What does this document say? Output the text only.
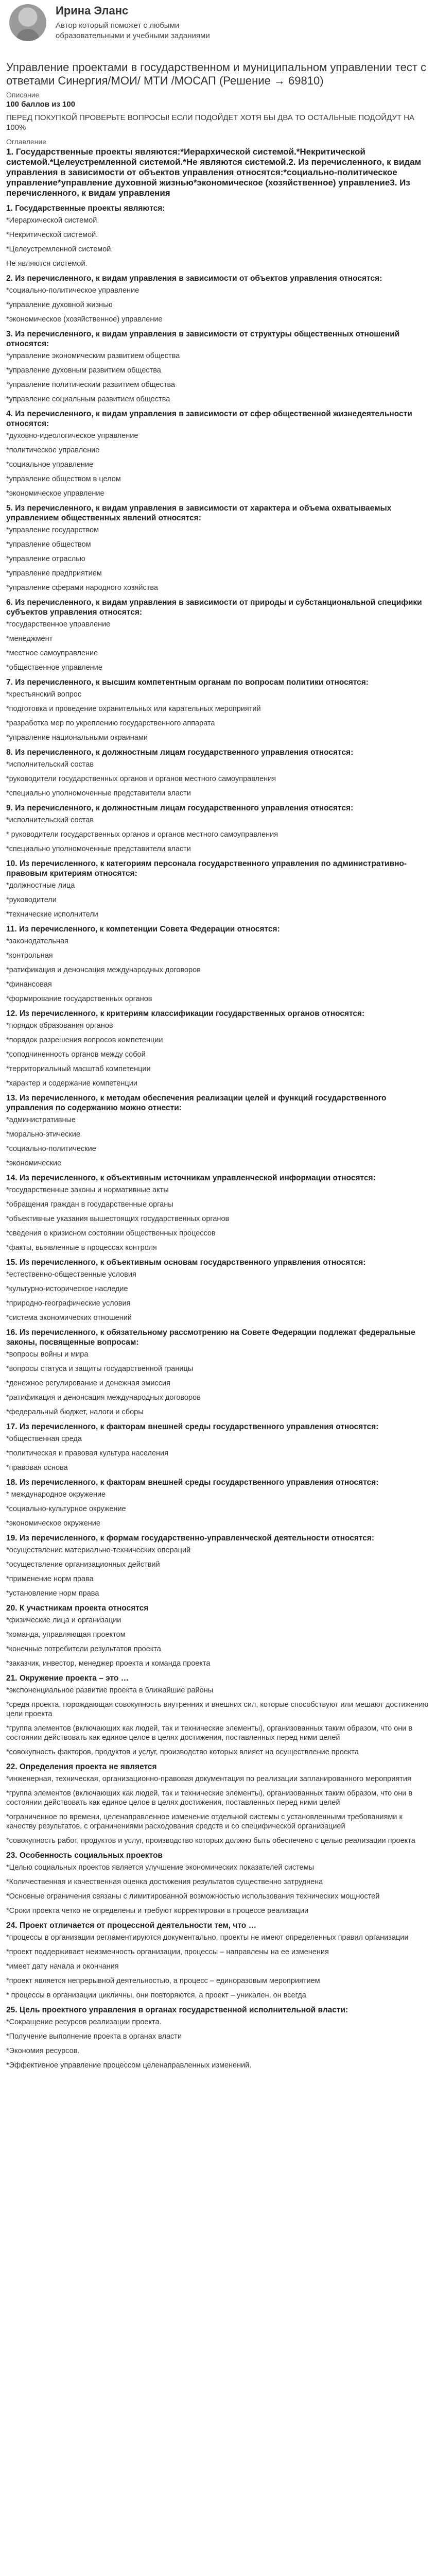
Ирина Эланс
Автор который поможет с любыми образовательными и учебными заданиями
Управление проектами в государственном и муниципальном управлении тест с ответами Синергия/МОИ/ МТИ /МОСАП (Решение → 69810)
Описание
100 баллов из 100
ПЕРЕД ПОКУПКОЙ ПРОВЕРЬТЕ ВОПРОСЫ! ЕСЛИ ПОДОЙДЕТ ХОТЯ БЫ ДВА ТО ОСТАЛЬНЫЕ ПОДОЙДУТ НА 100%
Оглавление
1. Государственные проекты являются:*Иерархической системой.*Некритической системой.*Целеустремленной системой.*Не являются системой.2. Из перечисленного, к видам управления в зависимости от объектов управления относятся:*социально-политическое управление*управление духовной жизнью*экономическое (хозяйственное) управление3. Из перечисленного, к видам управления
1. Государственные проекты являются:
*Иерархической системой.
*Некритической системой.
*Целеустремленной системой.
Не являются системой.
2. Из перечисленного, к видам управления в зависимости от объектов управления относятся:
*социально-политическое управление
*управление духовной жизнью
*экономическое (хозяйственное) управление
3. Из перечисленного, к видам управления в зависимости от структуры общественных отношений относятся:
*управление экономическим развитием общества
*управление духовным развитием общества
*управление политическим развитием общества
*управление социальным развитием общества
4. Из перечисленного, к видам управления в зависимости от сфер общественной жизнедеятельности относятся:
*духовно-идеологическое управление
*политическое управление
*социальное управление
*управление обществом в целом
*экономическое управление
5. Из перечисленного, к видам управления в зависимости от характера и объема охватываемых управлением общественных явлений относятся:
*управление государством
*управление обществом
*управление отраслью
*управление предприятием
*управление сферами народного хозяйства
6. Из перечисленного, к видам управления в зависимости от природы и субстанциональной специфики субъектов управления относятся:
*государственное управление
*менеджмент
*местное самоуправление
*общественное управление
7. Из перечисленного, к высшим компетентным органам по вопросам политики относятся:
*крестьянский вопрос
*подготовка и проведение охранительных или карательных мероприятий
*разработка мер по укреплению государственного аппарата
*управление национальными окраинами
8. Из перечисленного, к должностным лицам государственного управления относятся:
*исполнительский состав
*руководители государственных органов и органов местного самоуправления
*специально уполномоченные представители власти
9. Из перечисленного, к должностным лицам государственного управления относятся:
*исполнительский состав
* руководители государственных органов и органов местного самоуправления
*специально уполномоченные представители власти
10. Из перечисленного, к категориям персонала государственного управления по административно-правовым критериям относятся:
*должностные лица
*руководители
*технические исполнители
11. Из перечисленного, к компетенции Совета Федерации относятся:
*законодательная
*контрольная
*ратификация и денонсация международных договоров
*финансовая
*формирование государственных органов
12. Из перечисленного, к критериям классификации государственных органов относятся:
*порядок образования органов
*порядок разрешения вопросов компетенции
*соподчиненность органов между собой
*территориальный масштаб компетенции
*характер и содержание компетенции
13. Из перечисленного, к методам обеспечения реализации целей и функций государственного управления по содержанию можно отнести:
*административные
*морально-этические
*социально-политические
*экономические
14. Из перечисленного, к объективным источникам управленческой информации относятся:
*государственные законы и нормативные акты
*обращения граждан в государственные органы
*объективные указания вышестоящих государственных органов
*сведения о кризисном состоянии общественных процессов
*факты, выявленные в процессах контроля
15. Из перечисленного, к объективным основам государственного управления относятся:
*естественно-общественные условия
*культурно-историческое наследие
*природно-географические условия
*система экономических отношений
16. Из перечисленного, к обязательному рассмотрению на Совете Федерации подлежат федеральные законы, посвященные вопросам:
*вопросы войны и мира
*вопросы статуса и защиты государственной границы
*денежное регулирование и денежная эмиссия
*ратификация и денонсация международных договоров
*федеральный бюджет, налоги и сборы
17. Из перечисленного, к факторам внешней среды государственного управления относятся:
*общественная среда
*политическая и правовая культура населения
*правовая основа
18. Из перечисленного, к факторам внешней среды государственного управления относятся:
* международное окружение
*социально-культурное окружение
*экономическое окружение
19. Из перечисленного, к формам государственно-управленческой деятельности относятся:
*осуществление материально-технических операций
*осуществление организационных действий
*применение норм права
*установление норм права
20. К участникам проекта относятся
*физические лица и организации
*команда, управляющая проектом
*конечные потребители результатов проекта
*заказчик, инвестор, менеджер проекта и команда проекта
21. Окружение проекта – это …
*экспоненциальное развитие проекта в ближайшие районы
*среда проекта, порождающая совокупность внутренних и внешних сил, которые способствуют или мешают достижению цели проекта
*группа элементов (включающих как людей, так и технические элементы), организованных таким образом, что они в состоянии действовать как единое целое в целях достижения, поставленных перед ними целей
*совокупность факторов, продуктов и услуг, производство которых влияет на осуществление проекта
22. Определения проекта не является
*инженерная, техническая, организационно-правовая документация по реализации запланированного мероприятия
*группа элементов (включающих как людей, так и технические элементы), организованных таким образом, что они в состоянии действовать как единое целое в целях достижения, поставленных перед ними целей
*ограниченное по времени, целенаправленное изменение отдельной системы с установленными требованиями к качеству результатов, с ограничениями расходования средств и со специфической организацией
*совокупность работ, продуктов и услуг, производство которых должно быть обеспечено с целью реализации проекта
23. Особенность социальных проектов
*Целью социальных проектов является улучшение экономических показателей системы
*Количественная и качественная оценка достижения результатов существенно затруднена
*Основные ограничения связаны с лимитированной возможностью использования технических мощностей
*Сроки проекта четко не определены и требуют корректировки в процессе реализации
24. Проект отличается от процессной деятельности тем, что …
*процессы в организации регламентируются документально, проекты не имеют определенных правил организации
*проект поддерживает неизменность организации, процессы – направлены на ее изменения
*имеет дату начала и окончания
*проект является непрерывной деятельностью, а процесс – единоразовым мероприятием
* процессы в организации цикличны, они повторяются, а проект – уникален, он всегда
25. Цель проектного управления в органах государственной исполнительной власти:
*Сокращение ресурсов реализации проекта.
*Получение выполнение проекта в органах власти
*Экономия ресурсов.
*Эффективное управление процессом целенаправленных изменений.
